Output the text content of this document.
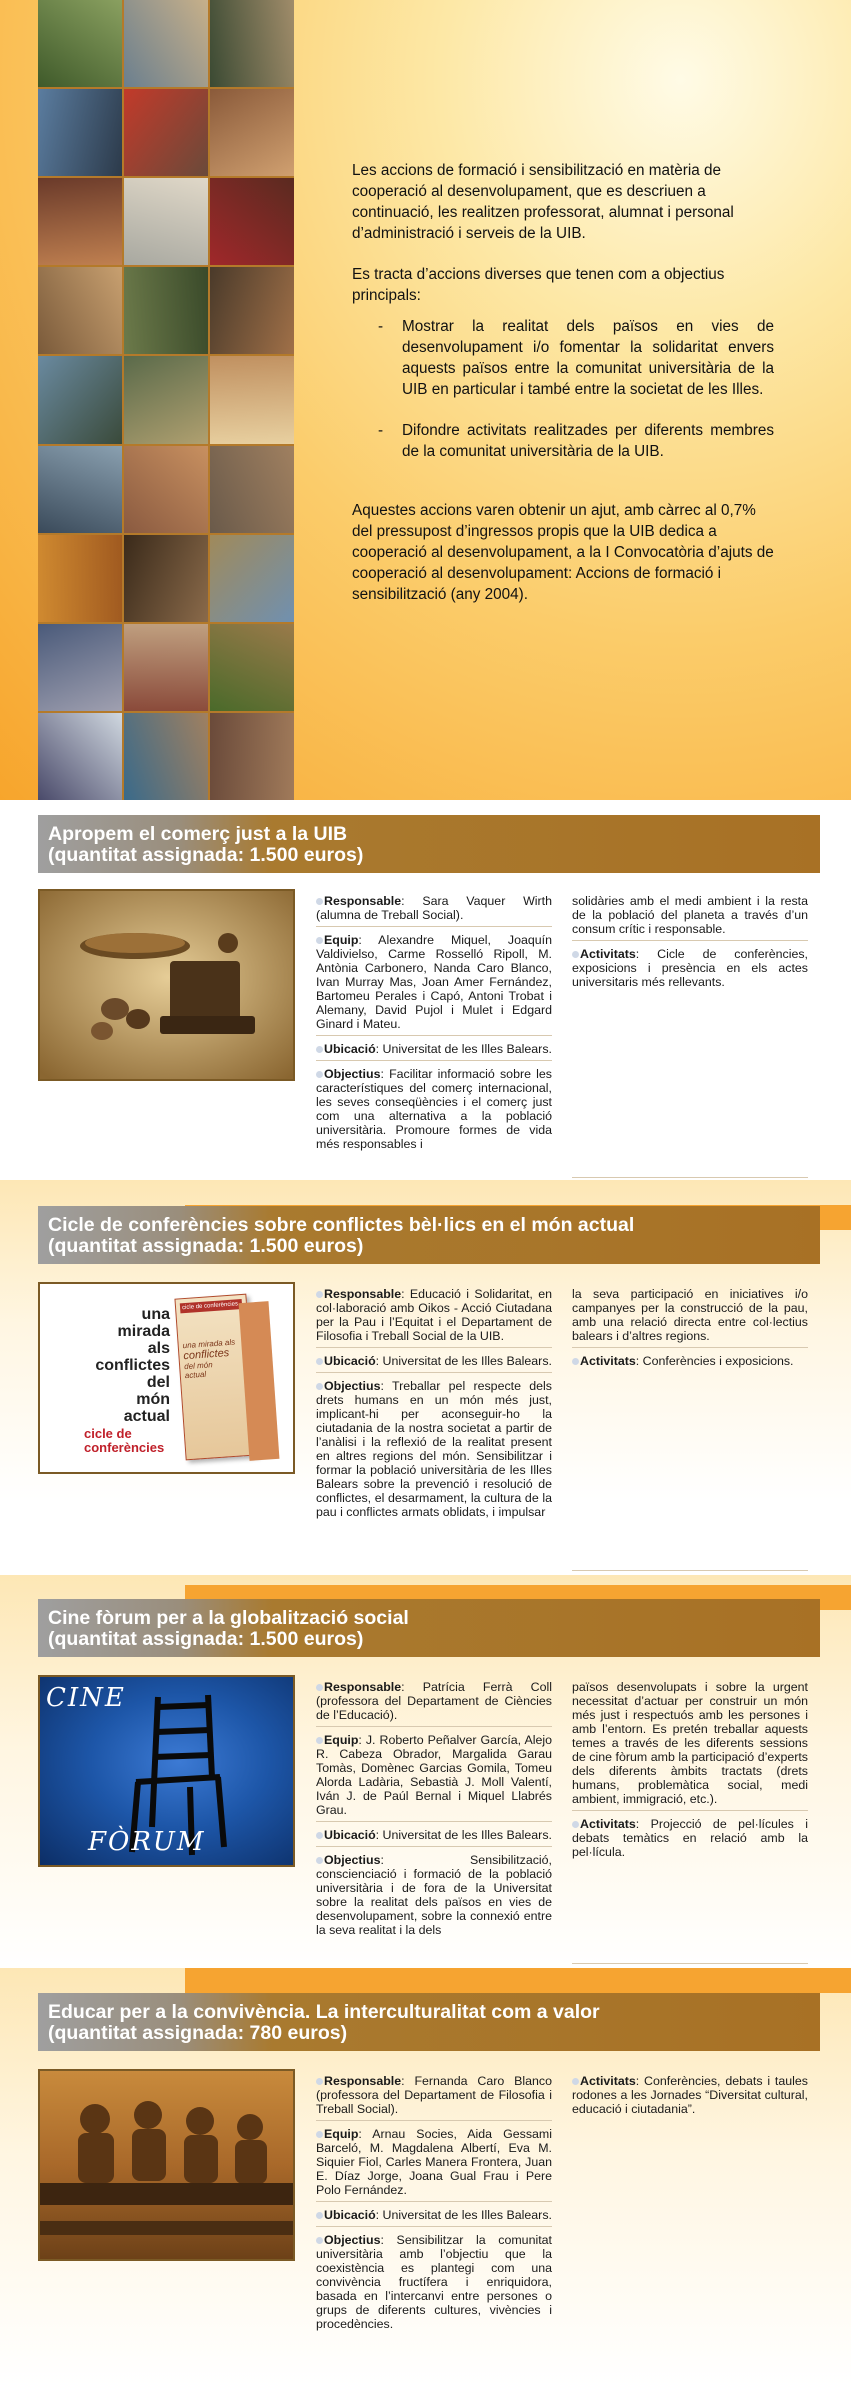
Les accions de formació i sensibilització en matèria de cooperació al desenvolupament, que es descriuen a continuació, les realitzen professorat, alumnat i personal d’administració i serveis de la UIB.

Es tracta d’accions diverses que tenen com a objectius principals:

- Mostrar la realitat dels països en vies de desenvolupament i/o fomentar la solidaritat envers aquests països entre la comunitat universitària de la UIB en particular i també entre la societat de les Illes.
- Difondre activitats realitzades per diferents membres de la comunitat universitària de la UIB.

Aquestes accions varen obtenir un ajut, amb càrrec al 0,7% del pressupost d’ingressos propis que la UIB dedica a cooperació al desenvolupament, a la I Convocatòria d’ajuts de cooperació al desenvolupament: Accions de formació i sensibilització (any 2004).

Apropem el comerç just a la UIB
(quantitat assignada: 1.500 euros)
Responsable: Sara Vaquer Wirth (alumna de Treball Social).
Equip: Alexandre Miquel, Joaquín Valdivielso, Carme Rosselló Ripoll, M. Antònia Carbonero, Nanda Caro Blanco, Ivan Murray Mas, Joan Amer Fernández, Bartomeu Perales i Capó, Antoni Trobat i Alemany, David Pujol i Mulet i Edgard Ginard i Mateu.
Ubicació: Universitat de les Illes Balears.
Objectius: Facilitar informació sobre les característiques del comerç internacional, les seves conseqüències i el comerç just com una alternativa a la població universitària. Promoure formes de vida més responsables i
solidàries amb el medi ambient i la resta de la població del planeta a través d’un consum crític i responsable.
Activitats: Cicle de conferències, exposicions i presència en els actes universitaris més rellevants.
Cicle de conferències sobre conflictes bèl·lics en el món actual
(quantitat assignada: 1.500 euros)
una
mirada
als
conflictes
del
món
actual
cicle de
conferències
cicle de conferències
una mirada als
conflictes
del món
actual
Responsable: Educació i Solidaritat, en col·laboració amb Oikos - Acció Ciutadana per la Pau i l’Equitat i el Departament de Filosofia i Treball Social de la UIB.
Ubicació: Universitat de les Illes Balears.
Objectius: Treballar pel respecte dels drets humans en un món més just, implicant-hi per aconseguir-ho la ciutadania de la nostra societat a partir de l’anàlisi i la reflexió de la realitat present en altres regions del món. Sensibilitzar i formar la població universitària de les Illes Balears sobre la prevenció i resolució de conflictes, el desarmament, la cultura de la pau i conflictes armats oblidats, i impulsar
la seva participació en iniciatives i/o campanyes per la construcció de la pau, amb una relació directa entre col·lectius balears i d’altres regions.
Activitats: Conferències i exposicions.
Cine fòrum per a la globalització social
(quantitat assignada: 1.500 euros)
CINE
FÒRUM
Responsable: Patrícia Ferrà Coll (professora del Departament de Ciències de l’Educació).
Equip: J. Roberto Peñalver García, Alejo R. Cabeza Obrador, Margalida Garau Tomàs, Domènec Garcias Gomila, Tomeu Alorda Ladària, Sebastià J. Moll Valentí, Iván J. de Paúl Bernal i Miquel Llabrés Grau.
Ubicació: Universitat de les Illes Balears.
Objectius: Sensibilització, conscienciació i formació de la població universitària i de fora de la Universitat sobre la realitat dels països en vies de desenvolupament, sobre la connexió entre la seva realitat i la dels
països desenvolupats i sobre la urgent necessitat d’actuar per construir un món més just i respectuós amb les persones i amb l’entorn. Es pretén treballar aquests temes a través de les diferents sessions de cine fòrum amb la participació d’experts dels diferents àmbits tractats (drets humans, problemàtica social, medi ambient, immigració, etc.).
Activitats: Projecció de pel·lícules i debats temàtics en relació amb la pel·lícula.
Educar per a la convivència. La interculturalitat com a valor
(quantitat assignada: 780 euros)
Responsable: Fernanda Caro Blanco (professora del Departament de Filosofia i Treball Social).
Equip: Arnau Socies, Aida Gessami Barceló, M. Magdalena Albertí, Eva M. Siquier Fiol, Carles Manera Frontera, Juan E. Díaz Jorge, Joana Gual Frau i Pere Polo Fernández.
Ubicació: Universitat de les Illes Balears.
Objectius: Sensibilitzar la comunitat universitària amb l’objectiu que la coexistència es plantegi com una convivència fructífera i enriquidora, basada en l’intercanvi entre persones o grups de diferents cultures, vivències i procedències.
Activitats: Conferències, debats i taules rodones a les Jornades “Diversitat cultural, educació i ciutadania”.
